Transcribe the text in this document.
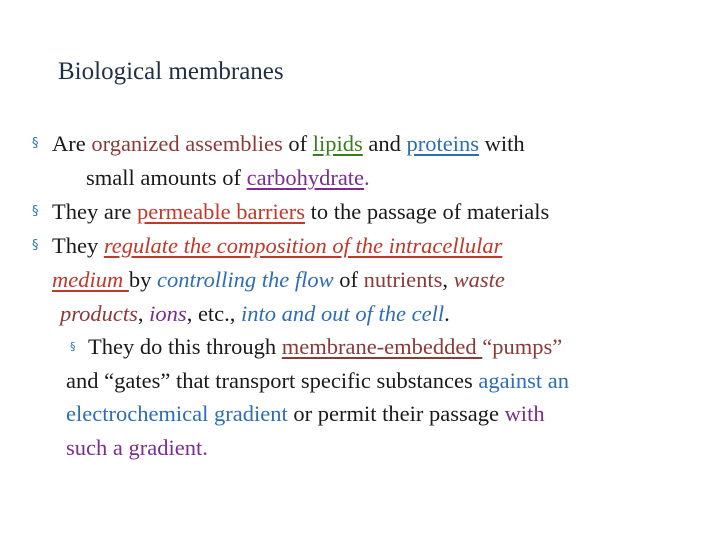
Biological membranes
§ Are organized assemblies of lipids and proteins with
small amounts of carbohydrate.
§ They are permeable barriers to the passage of materials
§ They regulate the composition of the intracellular
medium by controlling the flow of nutrients, waste
products, ions, etc., into and out of the cell.
§ They do this through membrane-embedded “pumps”
and “gates” that transport specific substances against an
electrochemical gradient or permit their passage with
such a gradient.
